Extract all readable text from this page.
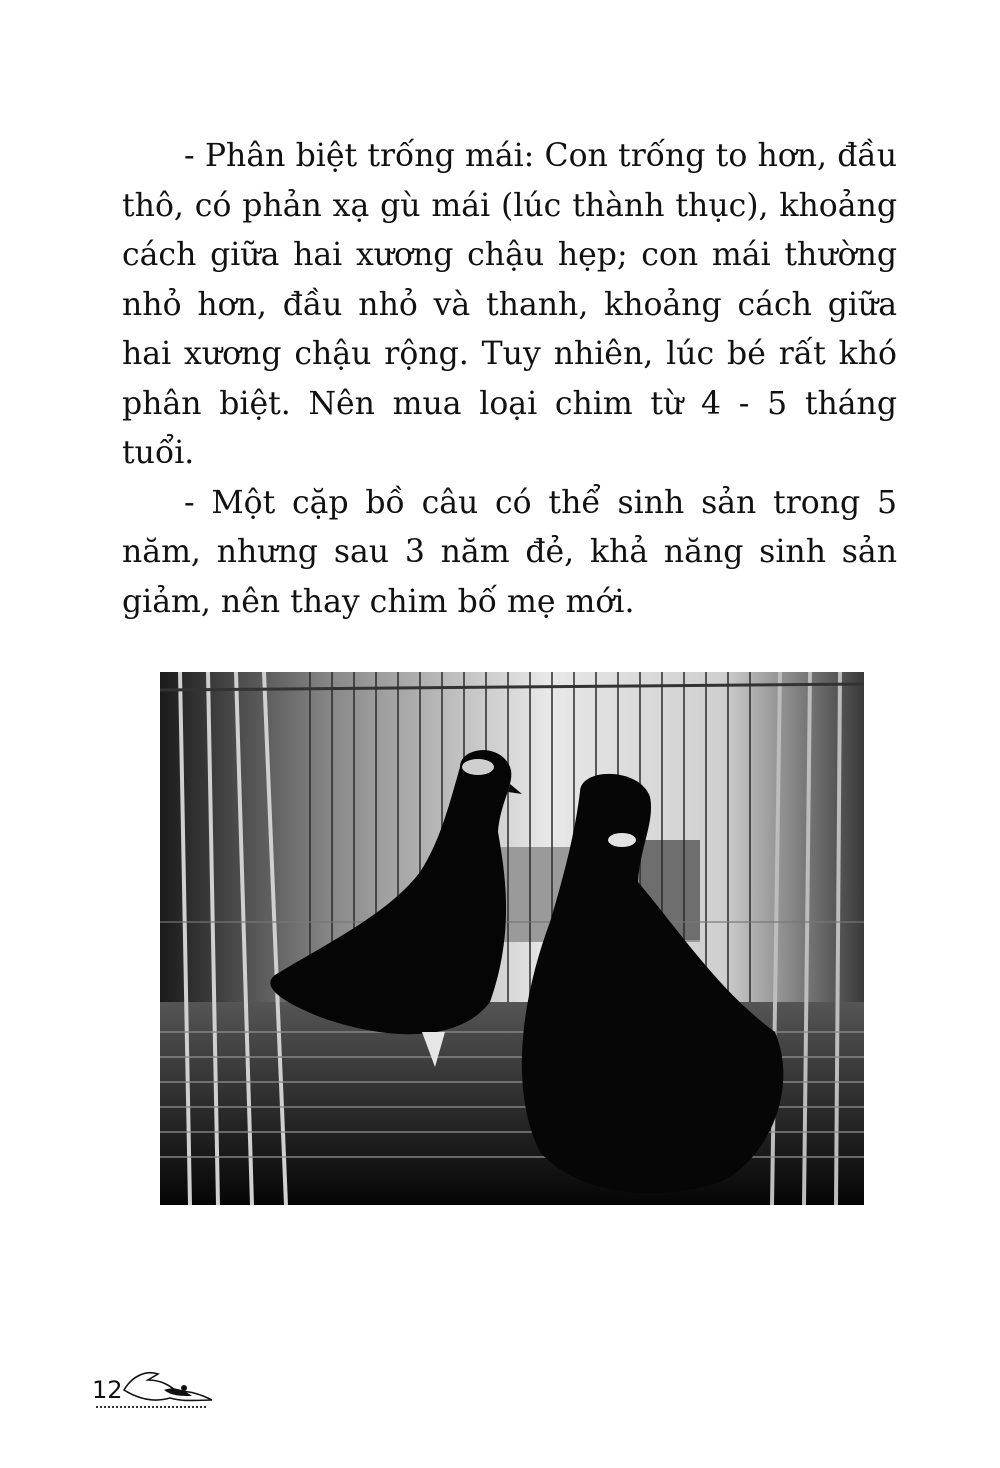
- Phân biệt trống mái: Con trống to hơn, đầu thô, có phản xạ gù mái (lúc thành thục), khoảng cách giữa hai xương chậu hẹp; con mái thường nhỏ hơn, đầu nhỏ và thanh, khoảng cách giữa hai xương chậu rộng. Tuy nhiên, lúc bé rất khó phân biệt. Nên mua loại chim từ 4 - 5 tháng tuổi.

- Một cặp bồ câu có thể sinh sản trong 5 năm, nhưng sau 3 năm đẻ, khả năng sinh sản giảm, nên thay chim bố mẹ mới.

12
